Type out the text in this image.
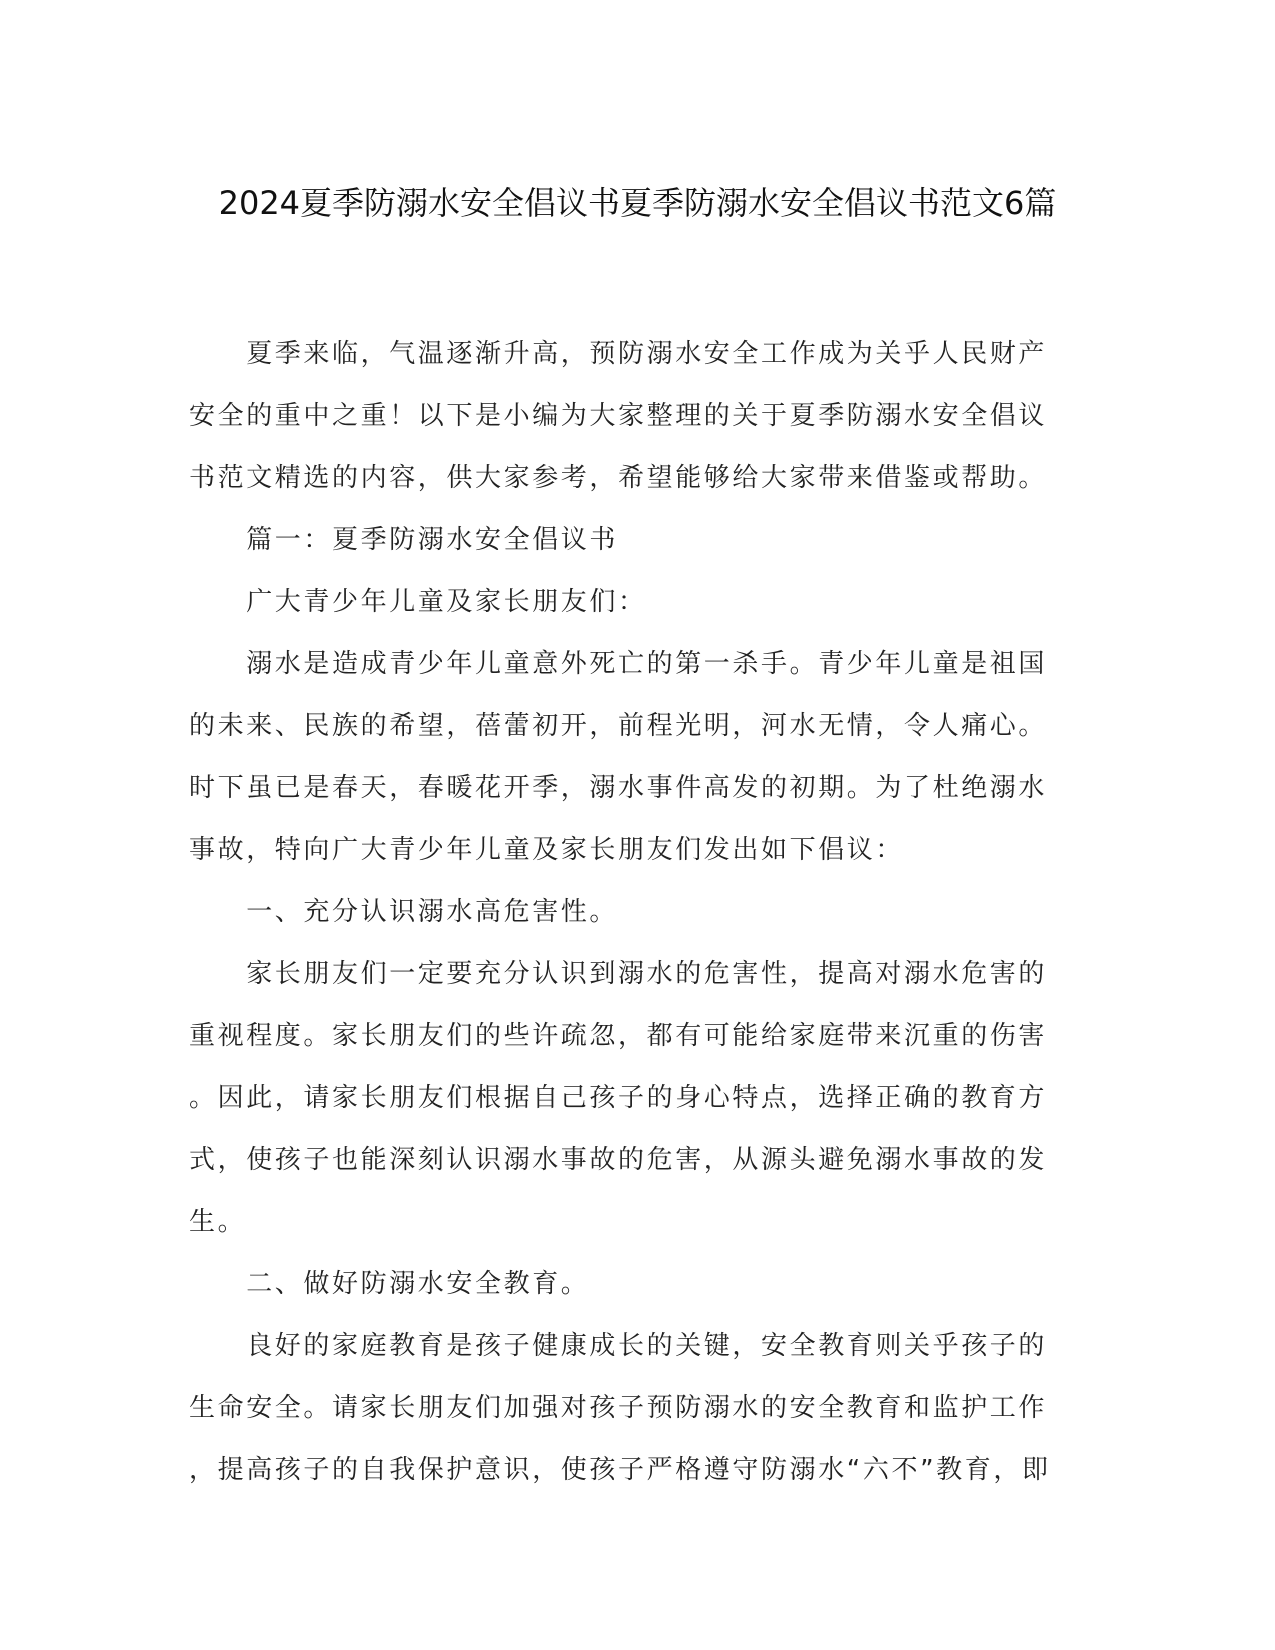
2024夏季防溺水安全倡议书夏季防溺水安全倡议书范文6篇
　　夏季来临，气温逐渐升高，预防溺水安全工作成为关乎人民财产
安全的重中之重！以下是小编为大家整理的关于夏季防溺水安全倡议
书范文精选的内容，供大家参考，希望能够给大家带来借鉴或帮助。
　　篇一：夏季防溺水安全倡议书
　　广大青少年儿童及家长朋友们：
　　溺水是造成青少年儿童意外死亡的第一杀手。青少年儿童是祖国
的未来、民族的希望，蓓蕾初开，前程光明，河水无情，令人痛心。
时下虽已是春天，春暖花开季，溺水事件高发的初期。为了杜绝溺水
事故，特向广大青少年儿童及家长朋友们发出如下倡议：
　　一、充分认识溺水高危害性。
　　家长朋友们一定要充分认识到溺水的危害性，提高对溺水危害的
重视程度。家长朋友们的些许疏忽，都有可能给家庭带来沉重的伤害
。因此，请家长朋友们根据自己孩子的身心特点，选择正确的教育方
式，使孩子也能深刻认识溺水事故的危害，从源头避免溺水事故的发
生。
　　二、做好防溺水安全教育。
　　良好的家庭教育是孩子健康成长的关键，安全教育则关乎孩子的
生命安全。请家长朋友们加强对孩子预防溺水的安全教育和监护工作
，提高孩子的自我保护意识，使孩子严格遵守防溺水“六不”教育，即
